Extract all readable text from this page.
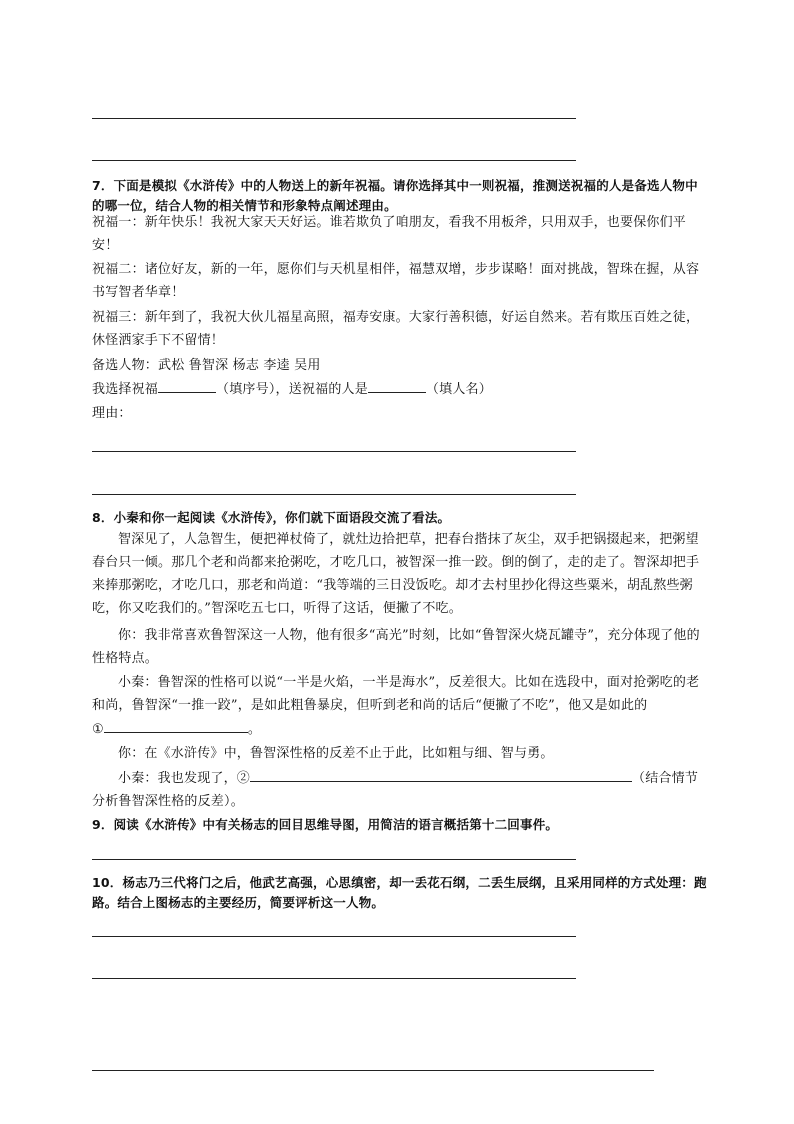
7．下面是模拟《水浒传》中的人物送上的新年祝福。请你选择其中一则祝福，推测送祝福的人是备选人物中的哪一位，结合人物的相关情节和形象特点阐述理由。

祝福一：新年快乐！我祝大家天天好运。谁若欺负了咱朋友，看我不用板斧，只用双手，也要保你们平安！

祝福二：诸位好友，新的一年，愿你们与天机星相伴，福慧双增，步步谋略！面对挑战，智珠在握，从容书写智者华章！

祝福三：新年到了，我祝大伙儿福星高照，福寿安康。大家行善积德，好运自然来。若有欺压百姓之徒，休怪洒家手下不留情！

备选人物：武松 鲁智深 杨志 李逵 吴用

我选择祝福	（填序号），送祝福的人是	（填人名）

理由：

8．小秦和你一起阅读《水浒传》，你们就下面语段交流了看法。

智深见了，人急智生，便把禅杖倚了，就灶边拾把草，把春台揩抹了灰尘，双手把锅掇起来，把粥望春台只一倾。那几个老和尚都来抢粥吃，才吃几口，被智深一推一跤。倒的倒了，走的走了。智深却把手来捧那粥吃，才吃几口，那老和尚道：“我等端的三日没饭吃。却才去村里抄化得这些粟米，胡乱熬些粥吃，你又吃我们的。”智深吃五七口，听得了这话，便撇了不吃。

你：我非常喜欢鲁智深这一人物，他有很多“高光”时刻，比如“鲁智深火烧瓦罐寺”，充分体现了他的性格特点。

小秦：鲁智深的性格可以说“一半是火焰，一半是海水”，反差很大。比如在选段中，面对抢粥吃的老和尚，鲁智深“一推一跤”，是如此粗鲁暴戾，但听到老和尚的话后“便撇了不吃”，他又是如此的

①	。

你：在《水浒传》中，鲁智深性格的反差不止于此，比如粗与细、智与勇。

小秦：我也发现了，②	（结合情节分析鲁智深性格的反差）。

9．阅读《水浒传》中有关杨志的回目思维导图，用简洁的语言概括第十二回事件。

10．杨志乃三代将门之后，他武艺高强，心思缜密，却一丢花石纲，二丢生辰纲，且采用同样的方式处理：跑路。结合上图杨志的主要经历，简要评析这一人物。
